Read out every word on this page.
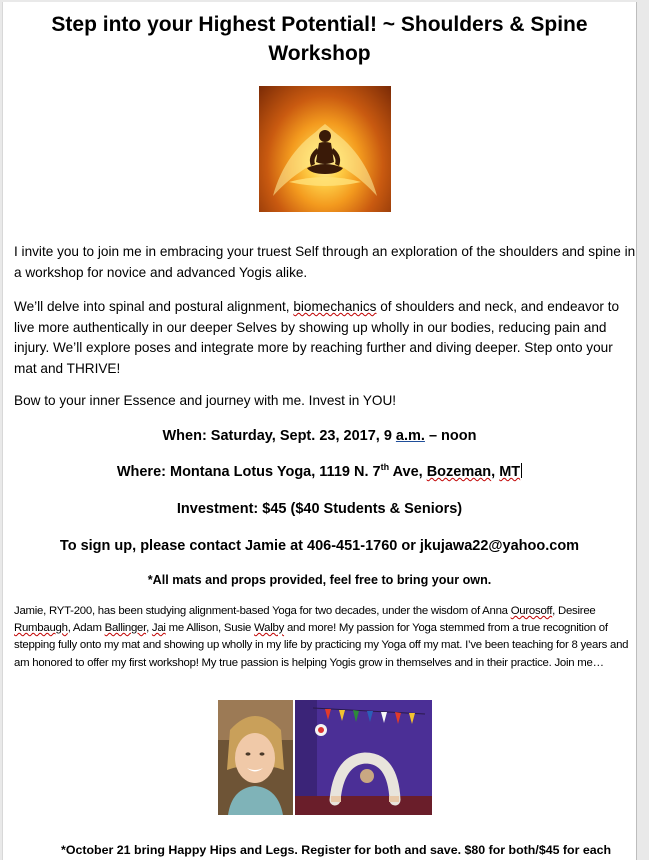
Step into your Highest Potential! ~ Shoulders & Spine Workshop

I invite you to join me in embracing your truest Self through an exploration of the shoulders and spine in a workshop for novice and advanced Yogis alike.

We’ll delve into spinal and postural alignment, biomechanics of shoulders and neck, and endeavor to live more authentically in our deeper Selves by showing up wholly in our bodies, reducing pain and injury. We’ll explore poses and integrate more by reaching further and diving deeper. Step onto your mat and THRIVE!

Bow to your inner Essence and journey with me. Invest in YOU!

When: Saturday, Sept. 23, 2017, 9 a.m. – noon
Where: Montana Lotus Yoga, 1119 N. 7th Ave, Bozeman, MT
Investment: $45 ($40 Students & Seniors)
To sign up, please contact Jamie at 406-451-1760 or jkujawa22@yahoo.com
*All mats and props provided, feel free to bring your own.

Jamie, RYT-200, has been studying alignment-based Yoga for two decades, under the wisdom of Anna Ourosoff, Desiree Rumbaugh, Adam Ballinger, Jai me Allison, Susie Walby and more! My passion for Yoga stemmed from a true recognition of stepping fully onto my mat and showing up wholly in my life by practicing my Yoga off my mat. I’ve been teaching for 8 years and am honored to offer my first workshop! My true passion is helping Yogis grow in themselves and in their practice. Join me…

*October 21 bring Happy Hips and Legs. Register for both and save. $80 for both/$45 for each
